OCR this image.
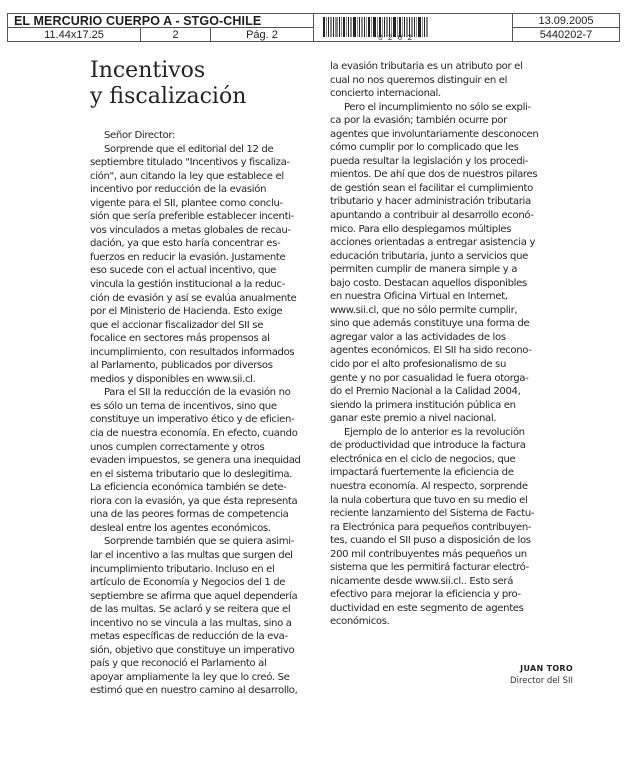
EL MERCURIO CUERPO A - STGO-CHILE
11.44x17.25	2	Pág. 2	0202
13.09.2005
5440202-7
Incentivos
y fiscalización

Señor Director:

Sorprende que el editorial del 12 de

septiembre titulado "Incentivos y fiscaliza-

ción", aun citando la ley que establece el

incentivo por reducción de la evasión

vigente para el SII, plantee como conclu-

sión que sería preferible establecer incenti-

vos vinculados a metas globales de recau-

dación, ya que esto haría concentrar es-

fuerzos en reducir la evasión. Justamente

eso sucede con el actual incentivo, que

vincula la gestión institucional a la reduc-

ción de evasión y así se evalúa anualmente

por el Ministerio de Hacienda. Esto exige

que el accionar fiscalizador del SII se

focalice en sectores más propensos al

incumplimiento, con resultados informados

al Parlamento, publicados por diversos

medios y disponibles en www.sii.cl.

Para el SII la reducción de la evasión no

es sólo un tema de incentivos, sino que

constituye un imperativo ético y de eficien-

cia de nuestra economía. En efecto, cuando

unos cumplen correctamente y otros

evaden impuestos, se genera una inequidad

en el sistema tributario que lo deslegitima.

La eficiencia económica también se dete-

riora con la evasión, ya que ésta representa

una de las peores formas de competencia

desleal entre los agentes económicos.

Sorprende también que se quiera asimi-

lar el incentivo a las multas que surgen del

incumplimiento tributario. Incluso en el

artículo de Economía y Negocios del 1 de

septiembre se afirma que aquel dependería

de las multas. Se aclaró y se reitera que el

incentivo no se vincula a las multas, sino a

metas específicas de reducción de la eva-

sión, objetivo que constituye un imperativo

país y que reconoció el Parlamento al

apoyar ampliamente la ley que lo creó. Se

estimó que en nuestro camino al desarrollo,

la evasión tributaria es un atributo por el

cual no nos queremos distinguir en el

concierto internacional.

Pero el incumplimiento no sólo se expli-

ca por la evasión; también ocurre por

agentes que involuntariamente desconocen

cómo cumplir por lo complicado que les

pueda resultar la legislación y los procedi-

mientos. De ahí que dos de nuestros pilares

de gestión sean el facilitar el cumplimiento

tributario y hacer administración tributaria

apuntando a contribuir al desarrollo econó-

mico. Para ello desplegamos múltiples

acciones orientadas a entregar asistencia y

educación tributaria, junto a servicios que

permiten cumplir de manera simple y a

bajo costo. Destacan aquellos disponibles

en nuestra Oficina Virtual en Internet,

www.sii.cl, que no sólo permite cumplir,

sino que además constituye una forma de

agregar valor a las actividades de los

agentes económicos. El SII ha sido recono-

cido por el alto profesionalismo de su

gente y no por casualidad le fuera otorga-

do el Premio Nacional a la Calidad 2004,

siendo la primera institución pública en

ganar este premio a nivel nacional.

Ejemplo de lo anterior es la revolución

de productividad que introduce la factura

electrónica en el ciclo de negocios, que

impactará fuertemente la eficiencia de

nuestra economía. Al respecto, sorprende

la nula cobertura que tuvo en su medio el

reciente lanzamiento del Sistema de Factu-

ra Electrónica para pequeños contribuyen-

tes, cuando el SII puso a disposición de los

200 mil contribuyentes más pequeños un

sistema que les permitirá facturar electró-

nicamente desde www.sii.cl.. Esto será

efectivo para mejorar la eficiencia y pro-

ductividad en este segmento de agentes

económicos.

JUAN TORO
Director del SII
